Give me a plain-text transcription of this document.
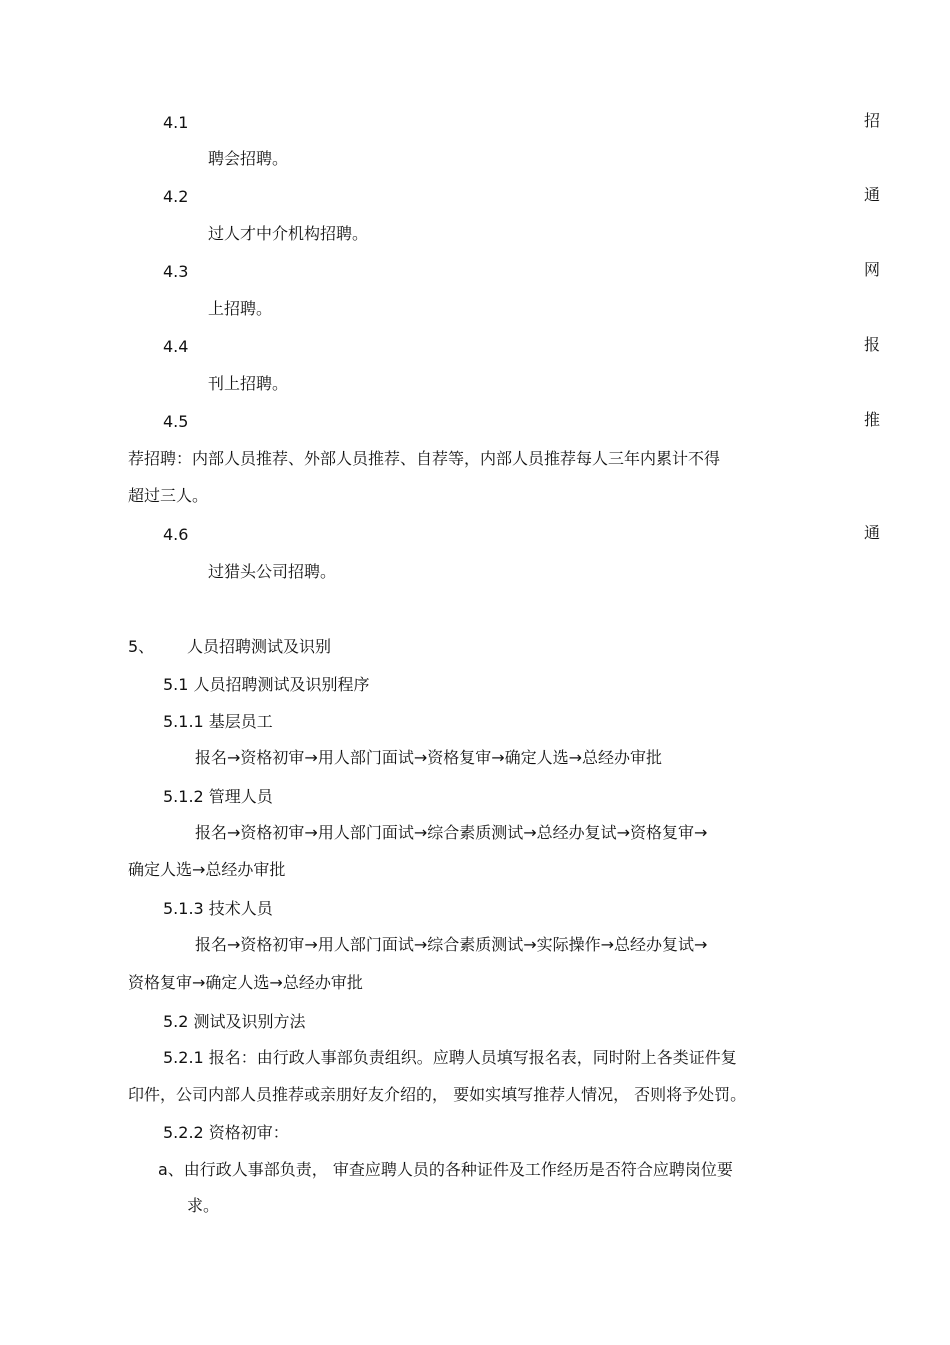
4.1	招
聘会招聘。
4.2	通
过人才中介机构招聘。
4.3	网
上招聘。
4.4	报
刊上招聘。
4.5	推
荐招聘：内部人员推荐、外部人员推荐、自荐等，内部人员推荐每人三年内累计不得
超过三人。
4.6	通
过猎头公司招聘。
5、 人员招聘测试及识别
5.1 人员招聘测试及识别程序
5.1.1 基层员工
报名→资格初审→用人部门面试→资格复审→确定人选→总经办审批
5.1.2 管理人员
报名→资格初审→用人部门面试→综合素质测试→总经办复试→资格复审→
确定人选→总经办审批
5.1.3 技术人员
报名→资格初审→用人部门面试→综合素质测试→实际操作→总经办复试→
资格复审→确定人选→总经办审批
5.2 测试及识别方法
5.2.1 报名：由行政人事部负责组织。应聘人员填写报名表，同时附上各类证件复
印件，公司内部人员推荐或亲朋好友介绍的， 要如实填写推荐人情况， 否则将予处罚。
5.2.2 资格初审：
a、由行政人事部负责， 审查应聘人员的各种证件及工作经历是否符合应聘岗位要
求。
